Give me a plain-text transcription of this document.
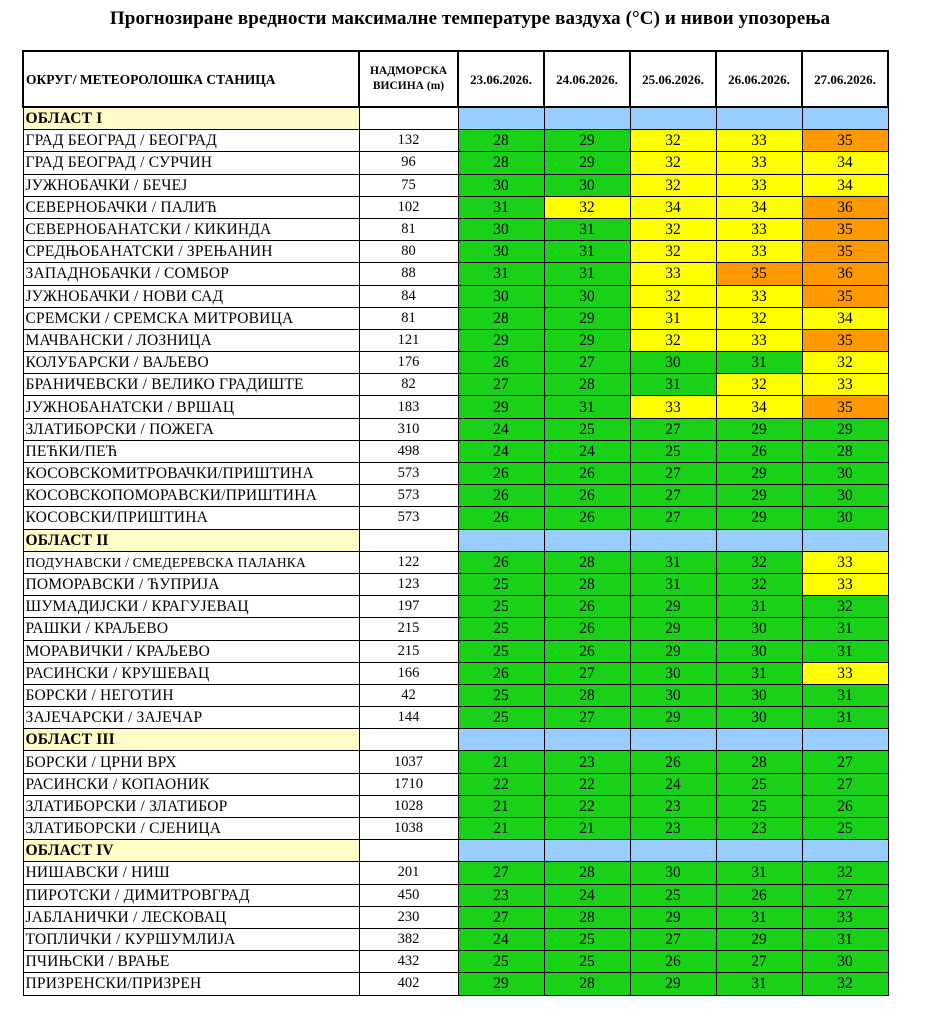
Прогнозиране вредности максималне температуре ваздуха (°C) и нивои упозорења
ОКРУГ/ МЕТЕОРОЛОШКА СТАНИЦА	НАДМОРСКА ВИСИНА (m)	23.06.2026.	24.06.2026.	25.06.2026.	26.06.2026.	27.06.2026.
ОБЛАСТ I						
ГРАД БЕОГРАД / БЕОГРАД	132	28	29	32	33	35
ГРАД БЕОГРАД / СУРЧИН	96	28	29	32	33	34
ЈУЖНОБАЧКИ / БЕЧЕЈ	75	30	30	32	33	34
СЕВЕРНОБАЧКИ / ПАЛИЋ	102	31	32	34	34	36
СЕВЕРНОБАНАТСКИ / КИКИНДА	81	30	31	32	33	35
СРЕДЊОБАНАТСКИ / ЗРЕЊАНИН	80	30	31	32	33	35
ЗАПАДНОБАЧКИ / СОМБОР	88	31	31	33	35	36
ЈУЖНОБАЧКИ / НОВИ САД	84	30	30	32	33	35
СРЕМСКИ / СРЕМСКА МИТРОВИЦА	81	28	29	31	32	34
МАЧВАНСКИ / ЛОЗНИЦА	121	29	29	32	33	35
КОЛУБАРСКИ / ВАЉЕВО	176	26	27	30	31	32
БРАНИЧЕВСКИ / ВЕЛИКО ГРАДИШТЕ	82	27	28	31	32	33
ЈУЖНОБАНАТСКИ / ВРШАЦ	183	29	31	33	34	35
ЗЛАТИБОРСКИ / ПОЖЕГА	310	24	25	27	29	29
ПЕЋКИ/ПЕЋ	498	24	24	25	26	28
КОСОВСКОМИТРОВАЧКИ/ПРИШТИНА	573	26	26	27	29	30
КОСОВСКОПОМОРАВСКИ/ПРИШТИНА	573	26	26	27	29	30
КОСОВСКИ/ПРИШТИНА	573	26	26	27	29	30
ОБЛАСТ II						
ПОДУНАВСКИ / СМЕДЕРЕВСКА ПАЛАНКА	122	26	28	31	32	33
ПОМОРАВСКИ / ЋУПРИЈА	123	25	28	31	32	33
ШУМАДИЈСКИ / КРАГУЈЕВАЦ	197	25	26	29	31	32
РАШКИ / КРАЉЕВО	215	25	26	29	30	31
МОРАВИЧКИ / КРАЉЕВО	215	25	26	29	30	31
РАСИНСКИ / КРУШЕВАЦ	166	26	27	30	31	33
БОРСКИ / НЕГОТИН	42	25	28	30	30	31
ЗАЈЕЧАРСКИ / ЗАЈЕЧАР	144	25	27	29	30	31
ОБЛАСТ III						
БОРСКИ / ЦРНИ ВРХ	1037	21	23	26	28	27
РАСИНСКИ / КОПАОНИК	1710	22	22	24	25	27
ЗЛАТИБОРСКИ / ЗЛАТИБОР	1028	21	22	23	25	26
ЗЛАТИБОРСКИ / СЈЕНИЦА	1038	21	21	23	23	25
ОБЛАСТ IV						
НИШАВСКИ / НИШ	201	27	28	30	31	32
ПИРОТСКИ / ДИМИТРОВГРАД	450	23	24	25	26	27
ЈАБЛАНИЧКИ / ЛЕСКОВАЦ	230	27	28	29	31	33
ТОПЛИЧКИ / КУРШУМЛИЈА	382	24	25	27	29	31
ПЧИЊСКИ / ВРАЊЕ	432	25	25	26	27	30
ПРИЗРЕНСКИ/ПРИЗРЕН	402	29	28	29	31	32
